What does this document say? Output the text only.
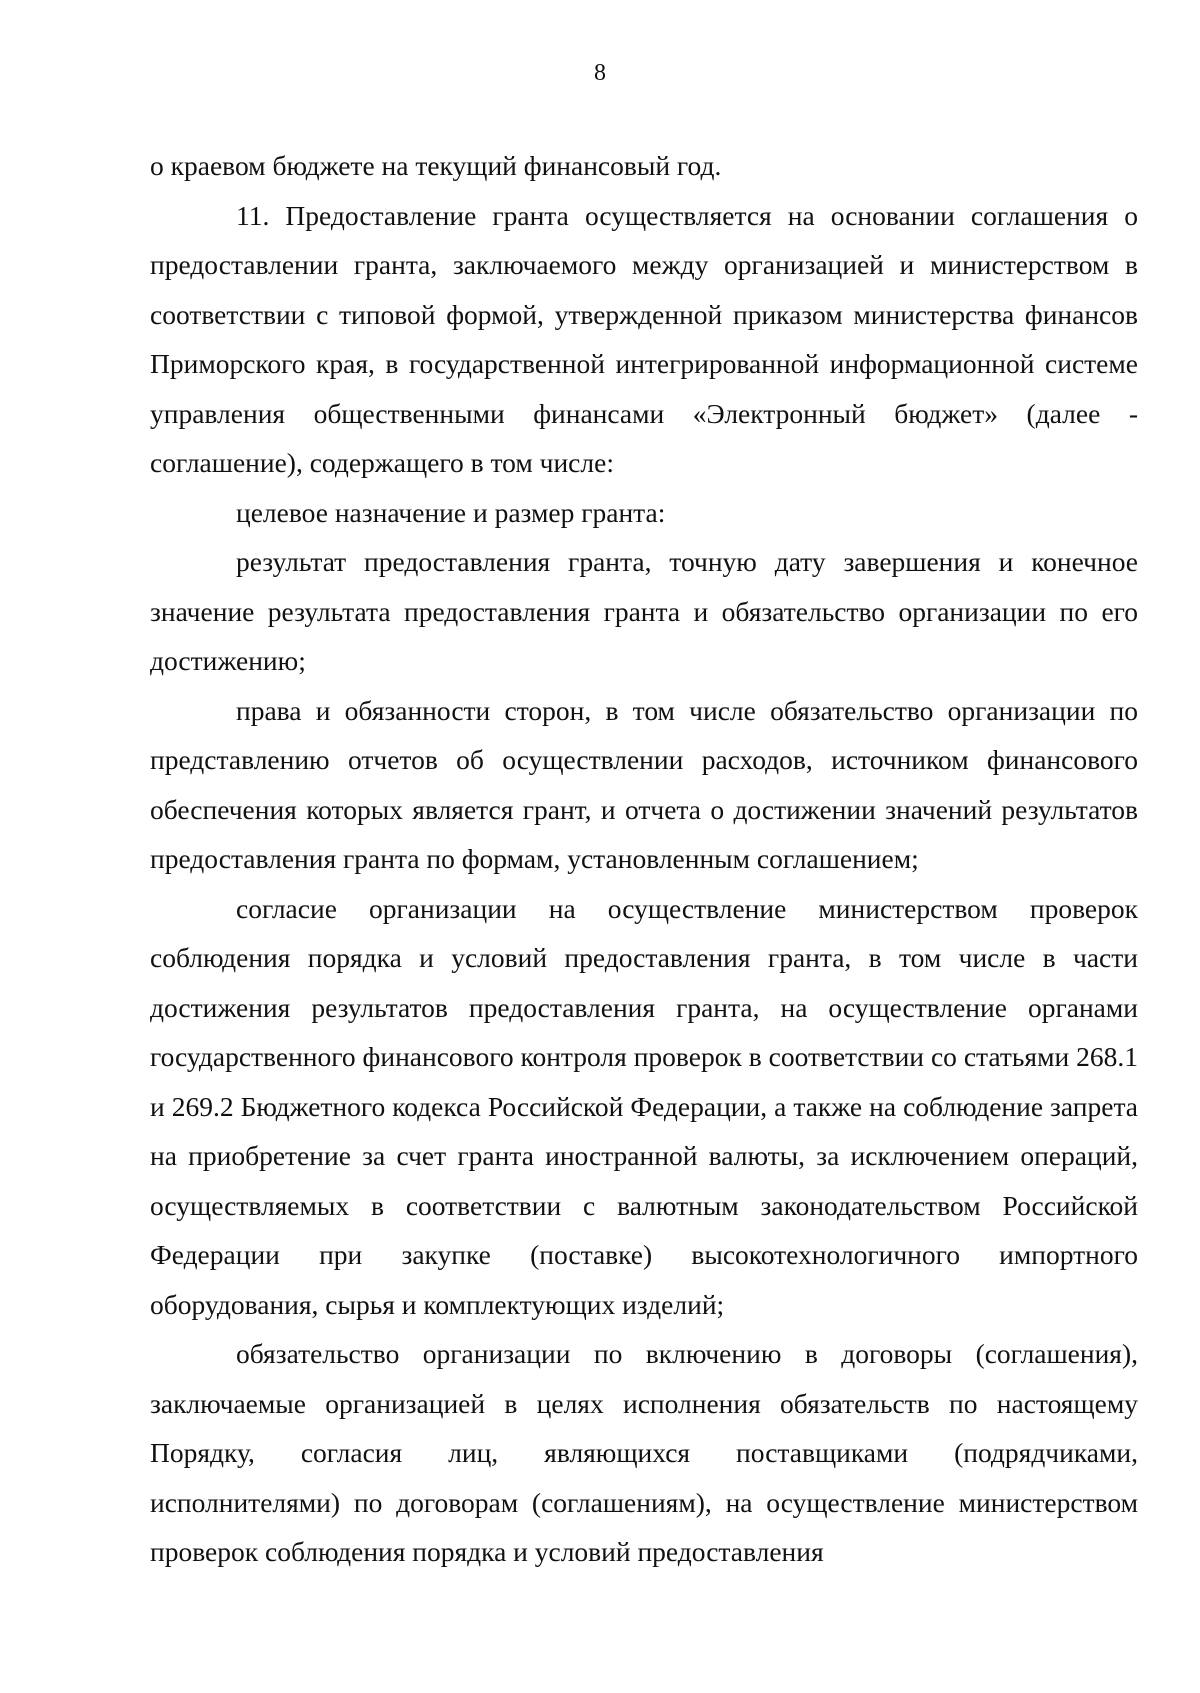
8

о краевом бюджете на текущий финансовый год.

11. Предоставление гранта осуществляется на основании соглашения о предоставлении гранта, заключаемого между организацией и министерством в соответствии с типовой формой, утвержденной приказом министерства финансов Приморского края, в государственной интегрированной информационной системе управления общественными финансами «Электронный бюджет» (далее - соглашение), содержащего в том числе:

целевое назначение и размер гранта:

результат предоставления гранта, точную дату завершения и конечное значение результата предоставления гранта и обязательство организации по его достижению;

права и обязанности сторон, в том числе обязательство организации по представлению отчетов об осуществлении расходов, источником финансового обеспечения которых является грант, и отчета о достижении значений результатов предоставления гранта по формам, установленным соглашением;

согласие организации на осуществление министерством проверок соблюдения порядка и условий предоставления гранта, в том числе в части достижения результатов предоставления гранта, на осуществление органами государственного финансового контроля проверок в соответствии со статьями 268.1 и 269.2 Бюджетного кодекса Российской Федерации, а также на соблюдение запрета на приобретение за счет гранта иностранной валюты, за исключением операций, осуществляемых в соответствии с валютным законодательством Российской Федерации при закупке (поставке) высокотехнологичного импортного оборудования, сырья и комплектующих изделий;

обязательство организации по включению в договоры (соглашения), заключаемые организацией в целях исполнения обязательств по настоящему Порядку, согласия лиц, являющихся поставщиками (подрядчиками, исполнителями) по договорам (соглашениям), на осуществление министерством проверок соблюдения порядка и условий предоставления
